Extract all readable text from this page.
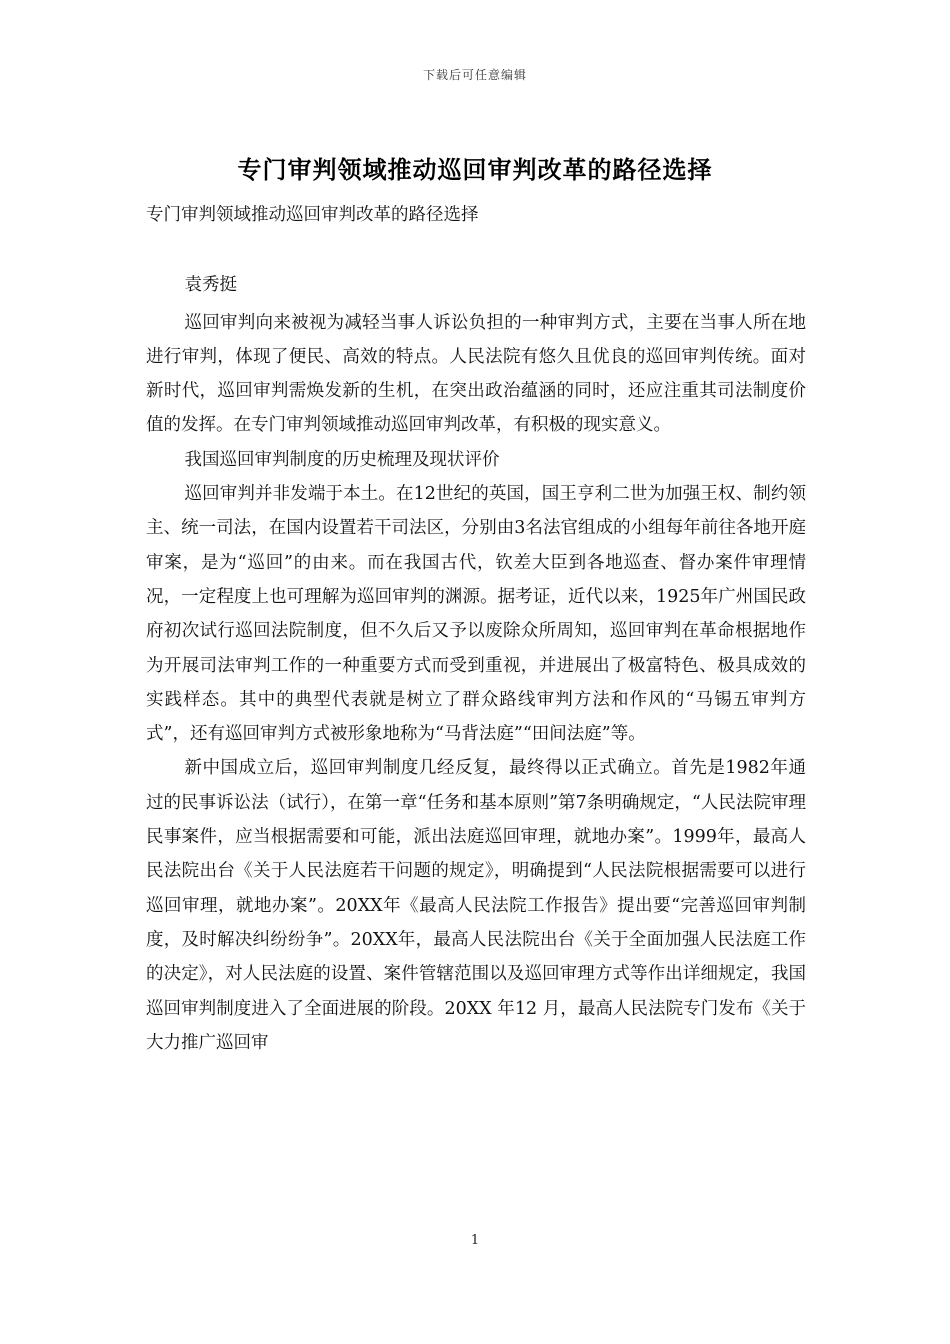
下载后可任意编辑
专门审判领域推动巡回审判改革的路径选择

专门审判领域推动巡回审判改革的路径选择

袁秀挺

巡回审判向来被视为减轻当事人诉讼负担的一种审判方式，主要在当事人所在地进行审判，体现了便民、高效的特点。人民法院有悠久且优良的巡回审判传统。面对新时代，巡回审判需焕发新的生机，在突出政治蕴涵的同时，还应注重其司法制度价值的发挥。在专门审判领域推动巡回审判改革，有积极的现实意义。

我国巡回审判制度的历史梳理及现状评价

巡回审判并非发端于本土。在12世纪的英国，国王亨利二世为加强王权、制约领主、统一司法，在国内设置若干司法区，分别由3名法官组成的小组每年前往各地开庭审案，是为“巡回”的由来。而在我国古代，钦差大臣到各地巡查、督办案件审理情况，一定程度上也可理解为巡回审判的渊源。据考证，近代以来，1925年广州国民政府初次试行巡回法院制度，但不久后又予以废除众所周知，巡回审判在革命根据地作为开展司法审判工作的一种重要方式而受到重视，并进展出了极富特色、极具成效的实践样态。其中的典型代表就是树立了群众路线审判方法和作风的“马锡五审判方式”，还有巡回审判方式被形象地称为“马背法庭”“田间法庭”等。

新中国成立后，巡回审判制度几经反复，最终得以正式确立。首先是1982年通过的民事诉讼法（试行），在第一章“任务和基本原则”第7条明确规定，“人民法院审理民事案件，应当根据需要和可能，派出法庭巡回审理，就地办案”。1999年，最高人民法院出台《关于人民法庭若干问题的规定》，明确提到“人民法院根据需要可以进行巡回审理，就地办案”。20XX年《最高人民法院工作报告》提出要“完善巡回审判制度，及时解决纠纷纷争”。20XX年，最高人民法院出台《关于全面加强人民法庭工作的决定》，对人民法庭的设置、案件管辖范围以及巡回审理方式等作出详细规定，我国巡回审判制度进入了全面进展的阶段。20XX 年12 月，最高人民法院专门发布《关于大力推广巡回审

1
